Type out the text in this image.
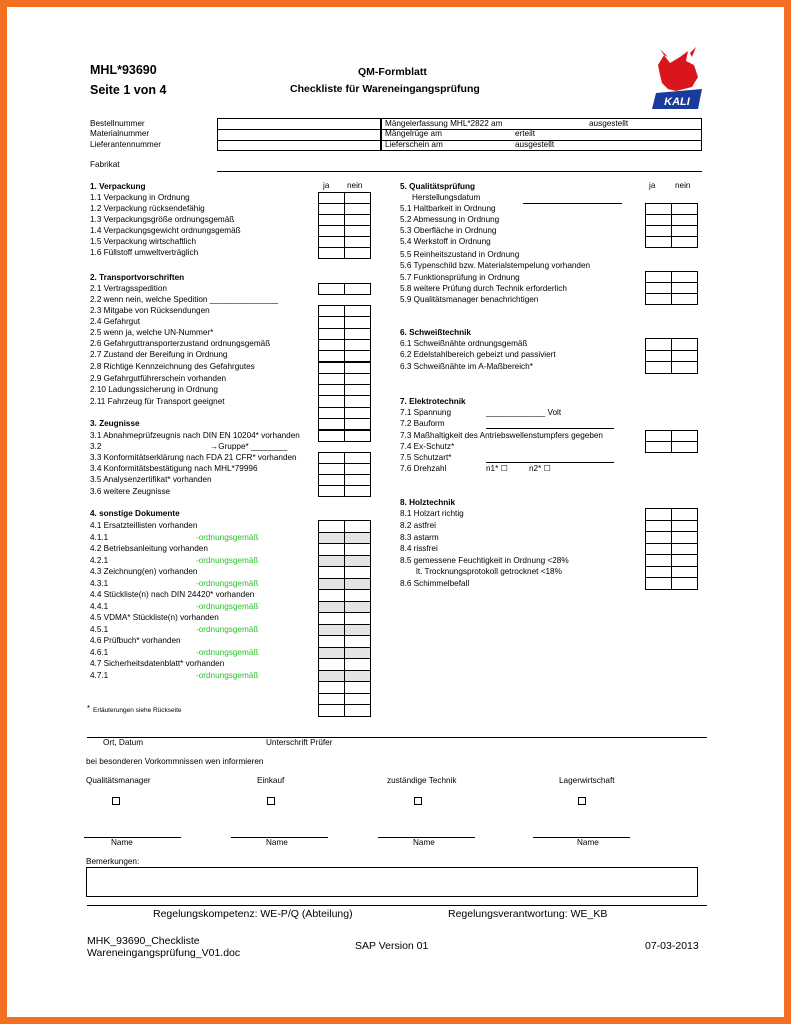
MHL*93690
Seite 1 von 4
QM-Formblatt
Checkliste für Wareneingangsprüfung
KALI
Bestellnummer
Materialnummer
Lieferantennummer
Mängelerfassung MHL*2822 am	ausgestellt
Mängelrüge am	erteilt
Lieferschein am	ausgestellt
Fabrikat
ja nein	ja nein
1. Verpackung
1.1 Verpackung in Ordnung
1.2 Verpackung rücksendefähig
1.3 Verpackungsgröße ordnungsgemäß
1.4 Verpackungsgewicht ordnungsgemäß
1.5 Verpackung wirtschaftlich
1.6 Füllstoff umweltverträglich
2. Transportvorschriften
2.1 Vertragsspedition
2.2 wenn nein, welche Spedition _______________
2.3 Mitgabe von Rücksendungen
2.4 Gefahrgut
2.5 wenn ja, welche UN-Nummer*
2.6 Gefahrguttransporterzustand ordnungsgemäß
2.7 Zustand der Bereifung in Ordnung
2.8 Richtige Kennzeichnung des Gefahrgutes
2.9 Gefahrgutführerschein vorhanden
2.10 Ladungssicherung in Ordnung
2.11 Fahrzeug für Transport geeignet
3. Zeugnisse
3.1 Abnahmeprüfzeugnis nach DIN EN 10204* vorhanden
3.2	→Gruppe* ________
3.3 Konformitätserklärung nach FDA 21 CFR* vorhanden
3.4 Konformitätsbestätigung nach MHL*79996
3.5 Analysenzertifikat* vorhanden
3.6 weitere Zeugnisse
4. sonstige Dokumente
4.1 Ersatzteillisten vorhanden
4.1.1	-ordnungsgemäß
4.2 Betriebsanleitung vorhanden
4.2.1	-ordnungsgemäß
4.3 Zeichnung(en) vorhanden
4.3.1	-ordnungsgemäß
4.4 Stückliste(n) nach DIN 24420* vorhanden
4.4.1	-ordnungsgemäß
4.5 VDMA* Stückliste(n) vorhanden
4.5.1	-ordnungsgemäß
4.6 Prüfbuch* vorhanden
4.6.1	-ordnungsgemäß
4.7 Sicherheitsdatenblatt* vorhanden
4.7.1	-ordnungsgemäß
5. Qualitätsprüfung
Herstellungsdatum
5.1 Haltbarkeit in Ordnung
5.2 Abmessung in Ordnung
5.3 Oberfläche in Ordnung
5.4 Werkstoff in Ordnung
5.5 Reinheitszustand in Ordnung
5.6 Typenschild bzw. Materialstempelung vorhanden
5.7 Funktionsprüfung in Ordnung
5.8 weitere Prüfung durch Technik erforderlich
5.9 Qualitätsmanager benachrichtigen
6. Schweißtechnik
6.1 Schweißnähte ordnungsgemäß
6.2 Edelstahlbereich gebeizt und passiviert
6.3 Schweißnähte im A-Maßbereich*
7. Elektrotechnik
7.1 Spannung	_____________ Volt
7.2 Bauform
7.3 Maßhaltigkeit des Antriebswellenstumpfers gegeben
7.4 Ex-Schutz*
7.5 Schutzart*
7.6 Drehzahl	n1* ☐	n2* ☐
8. Holztechnik
8.1 Holzart richtig
8.2 astfrei
8.3 astarm
8.4 rissfrei
8.5 gemessene Feuchtigkeit in Ordnung <28%
lt. Trocknungsprotokoll getrocknet <18%
8.6 Schimmelbefall
* Erläuterungen siehe Rückseite
Ort, Datum	Unterschrift Prüfer
bei besonderen Vorkommnissen wen informieren
Qualitätsmanager	Einkauf	zuständige Technik	Lagerwirtschaft
Name	Name	Name	Name
Bemerkungen:
Regelungskompetenz: WE-P/Q (Abteilung)	Regelungsverantwortung: WE_KB
MHK_93690_Checkliste
Wareneingangsprüfung_V01.doc
SAP Version 01	07-03-2013
